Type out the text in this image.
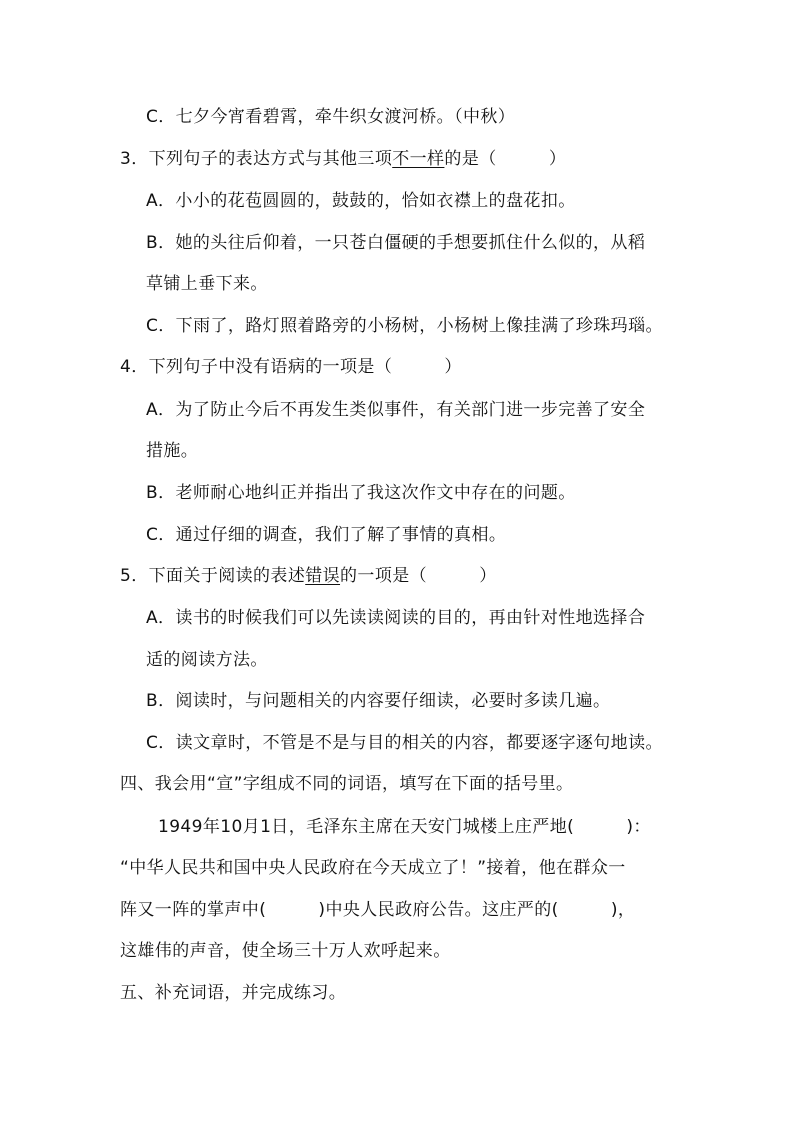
C．七夕今宵看碧霄，牵牛织女渡河桥。（中秋）
3．下列句子的表达方式与其他三项不一样的是（　　　）
A．小小的花苞圆圆的，鼓鼓的，恰如衣襟上的盘花扣。
B．她的头往后仰着，一只苍白僵硬的手想要抓住什么似的，从稻
草铺上垂下来。
C．下雨了，路灯照着路旁的小杨树，小杨树上像挂满了珍珠玛瑙。
4．下列句子中没有语病的一项是（　　　）
A．为了防止今后不再发生类似事件，有关部门进一步完善了安全
措施。
B．老师耐心地纠正并指出了我这次作文中存在的问题。
C．通过仔细的调查，我们了解了事情的真相。
5．下面关于阅读的表述错误的一项是（　　　）
A．读书的时候我们可以先读读阅读的目的，再由针对性地选择合
适的阅读方法。
B．阅读时，与问题相关的内容要仔细读，必要时多读几遍。
C．读文章时，不管是不是与目的相关的内容，都要逐字逐句地读。
四、我会用“宣”字组成不同的词语，填写在下面的括号里。
1949年10月1日，毛泽东主席在天安门城楼上庄严地(　　　)：
“中华人民共和国中央人民政府在今天成立了！”接着，他在群众一
阵又一阵的掌声中(　　　)中央人民政府公告。这庄严的(　　　)，
这雄伟的声音，使全场三十万人欢呼起来。
五、补充词语，并完成练习。
